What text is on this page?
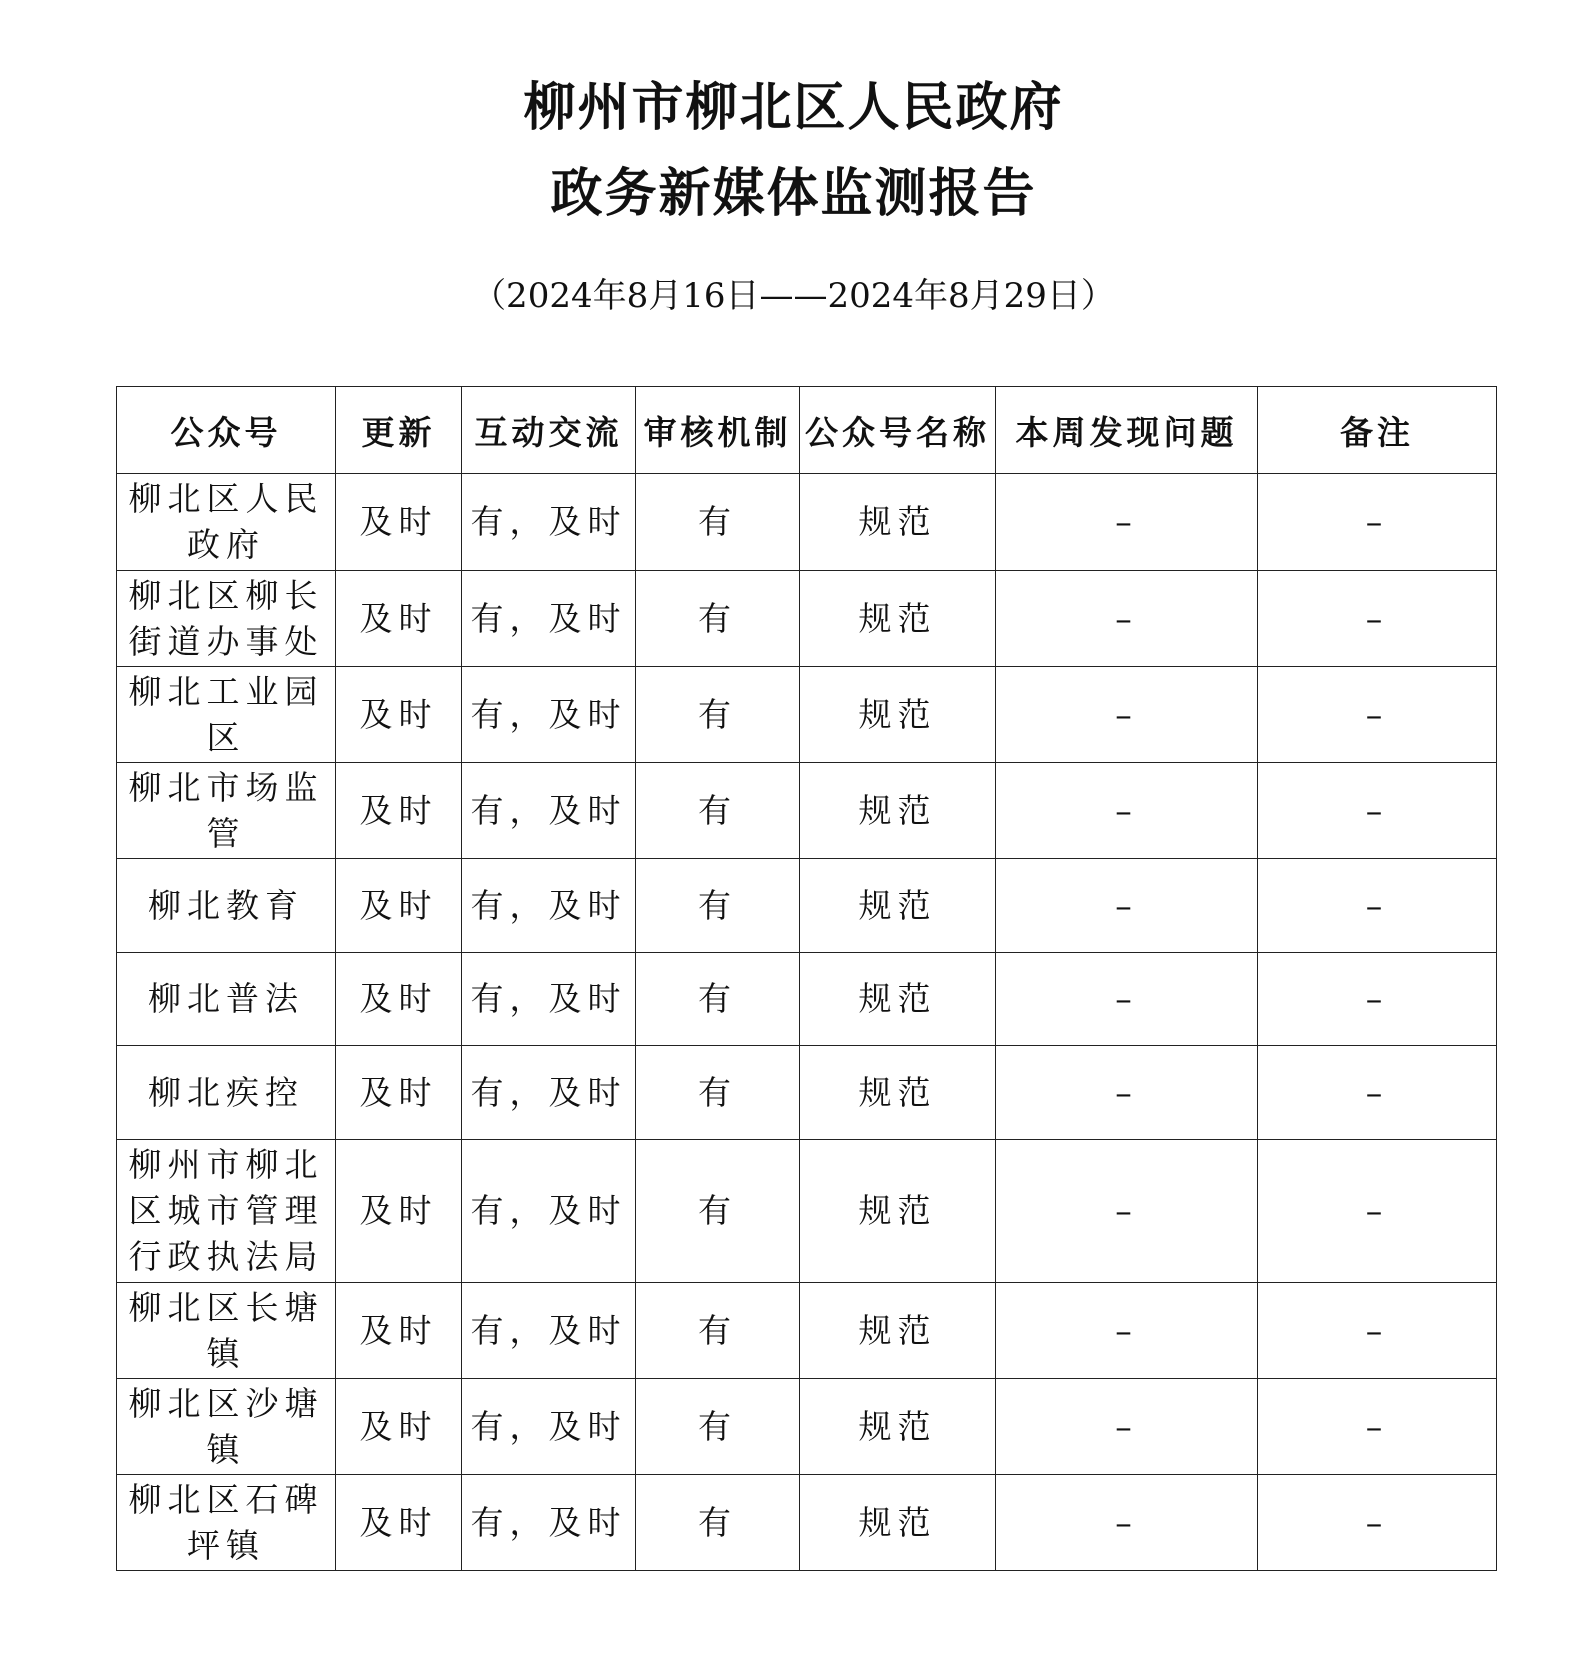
柳州市柳北区人民政府
政务新媒体监测报告
（2024年8月16日——2024年8月29日）
公众号	更新	互动交流	审核机制	公众号名称	本周发现问题	备注
柳北区人民政府	及时	有，及时	有	规范	–	–
柳北区柳长街道办事处	及时	有，及时	有	规范	–	–
柳北工业园区	及时	有，及时	有	规范	–	–
柳北市场监管	及时	有，及时	有	规范	–	–
柳北教育	及时	有，及时	有	规范	–	–
柳北普法	及时	有，及时	有	规范	–	–
柳北疾控	及时	有，及时	有	规范	–	–
柳州市柳北区城市管理行政执法局	及时	有，及时	有	规范	–	–
柳北区长塘镇	及时	有，及时	有	规范	–	–
柳北区沙塘镇	及时	有，及时	有	规范	–	–
柳北区石碑坪镇	及时	有，及时	有	规范	–	–
